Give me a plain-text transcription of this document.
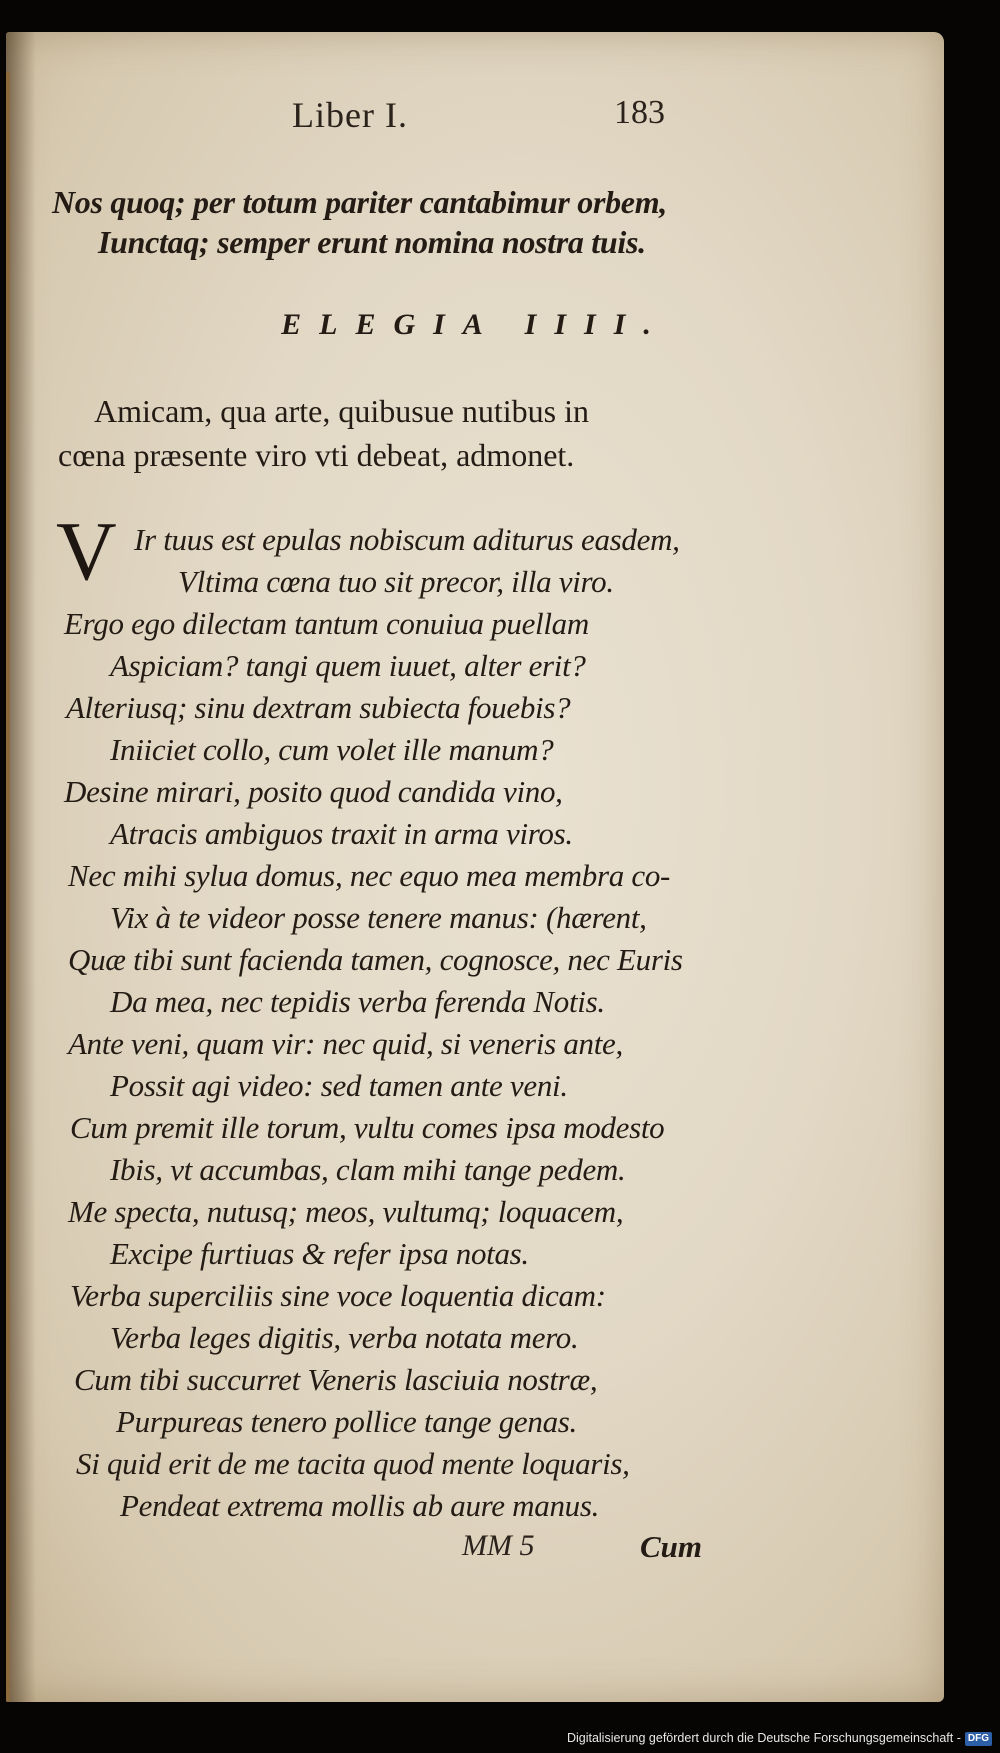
Liber I.	183
Nos quoq; per totum pariter cantabimur orbem,
Iunctaq; semper erunt nomina nostra tuis.
ELEGIA IIII.
Amicam, qua arte, quibusue nutibus in
cœna præsente viro vti debeat, admonet.
V Ir tuus est epulas nobiscum aditurus easdem,
Vltima cœna tuo sit precor, illa viro.
Ergo ego dilectam tantum conuiua puellam
Aspiciam? tangi quem iuuet, alter erit?
Alteriusq; sinu dextram subiecta fouebis?
Iniiciet collo, cum volet ille manum?
Desine mirari, posito quod candida vino,
Atracis ambiguos traxit in arma viros.
Nec mihi sylua domus, nec equo mea membra co-
Vix à te videor posse tenere manus: (hærent,
Quæ tibi sunt facienda tamen, cognosce, nec Euris
Da mea, nec tepidis verba ferenda Notis.
Ante veni, quam vir: nec quid, si veneris ante,
Possit agi video: sed tamen ante veni.
Cum premit ille torum, vultu comes ipsa modesto
Ibis, vt accumbas, clam mihi tange pedem.
Me specta, nutusq; meos, vultumq; loquacem,
Excipe furtiuas & refer ipsa notas.
Verba superciliis sine voce loquentia dicam:
Verba leges digitis, verba notata mero.
Cum tibi succurret Veneris lasciuia nostræ,
Purpureas tenero pollice tange genas.
Si quid erit de me tacita quod mente loquaris,
Pendeat extrema mollis ab aure manus.
MM 5	Cum
Digitalisierung gefördert durch die Deutsche Forschungsgemeinschaft - DFG
